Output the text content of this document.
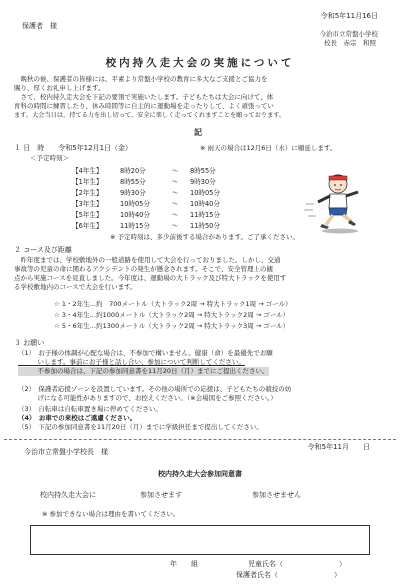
令和5年11月16日
保護者　様
今治市立常盤小学校
校長　赤宗　和照
校内持久走大会の実施について
　晩秋の候、保護者の皆様には、平素より常盤小学校の教育に多大なご支援とご協力を
賜り、厚くお礼申し上げます。
　さて、校内持久走大会を下記の要領で実施いたします。子どもたちは大会に向けて、体
育科の時間に練習したり、休み時間等に自主的に運動場を走ったりして、よく頑張ってい
ます。大会当日は、持てる力を出し切って、安全に楽しく走ってくれますことを願っております。
記
１ 日　時　　令和5年12月1日（金）	※ 雨天の場合は12月6日（水）に順延します。
＜予定時刻＞
【4年生】	8時20分	～ 8時55分
【1年生】	8時55分	～ 9時30分
【2年生】	9時30分	～ 10時05分
【3年生】	10時05分	～ 10時40分
【5年生】	10時40分	～ 11時15分
【6年生】	11時15分	～ 11時50分
※ 予定時刻は、多少前後する場合があります。ご了承ください。
２ コース及び距離
　昨年度までは、学校敷地外の一般道路を使用して大会を行っておりました。しかし、交通
事故等の児童の命に関わるアクシデントの発生が懸念されます。そこで、安全管理上の観
点から実施コースを見直しました。今年度は、運動場の大トラック及び特大トラックを使用す
る学校敷地内のコースで大会を行います。
☆ 1・2年生…約　700メートル（大トラック2周 → 特大トラック1周 → ゴール）
☆ 3・4年生…約1000メートル（大トラック2周 → 特大トラック2周 → ゴール）
☆ 5・6年生…約1300メートル（大トラック2周 → 特大トラック3周 → ゴール）
３ お願い
（1）　お子様の体調が心配な場合は、不参加で構いません。健康（命）を最優先でお願
　　　いします。事前にお子様と話し合い、参加について判断してください。
　　　不参加の場合は、下記の参加同意書を11月20日（月）までにご提出ください。
（2）　保護者応援ゾーンを設置しています。その他の場所での応援は、子どもたちの競技の妨
　　　げになる可能性がありますので、お控えください。（※会場図をご参照ください。）
（3）　自転車は自転車置き場に停めてください。
（4）　お車での来校はご遠慮ください。
（5）　下記の参加同意書を11月20日（月）までに学級担任まで提出してください。
今治市立常盤小学校長　様
令和5年11月　　日
校内持久走大会参加同意書
校内持久走大会に	参加させます	参加させません
※ 参加できない場合は理由を書いてください。
年　　組	児童氏名（　　　　　　　　）
保護者氏名（　　　　　　　　）
